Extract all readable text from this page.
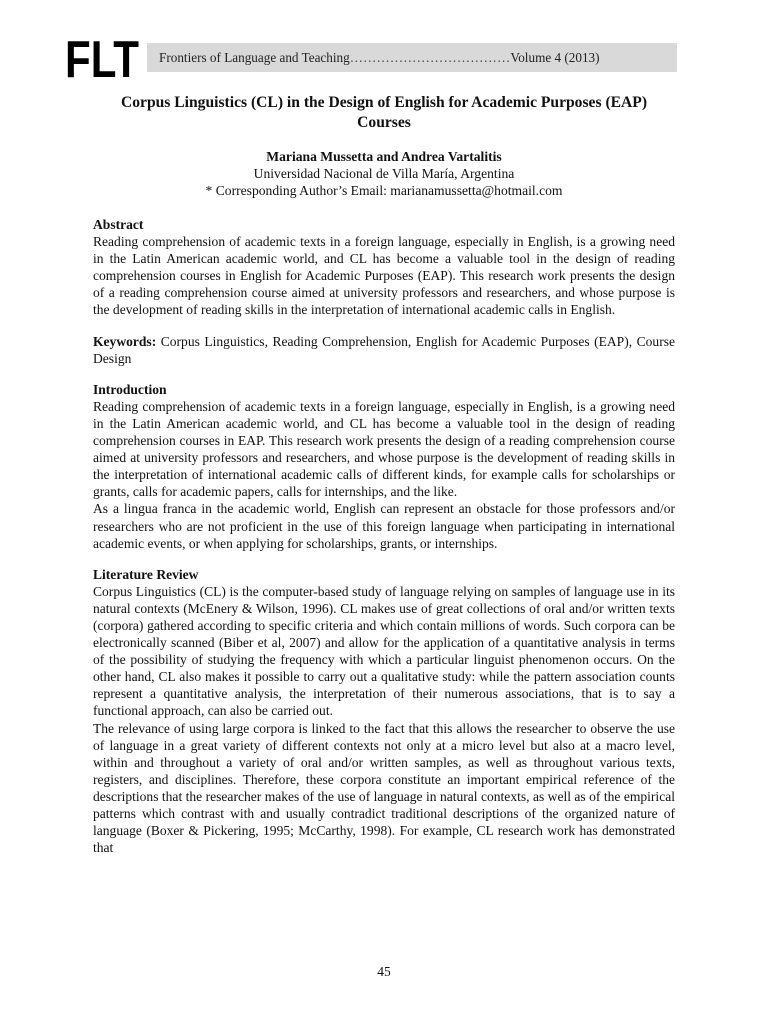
FLT Frontiers of Language and Teaching ……………………………… Volume 4 (2013)
Corpus Linguistics (CL) in the Design of English for Academic Purposes (EAP) Courses
Mariana Mussetta and Andrea Vartalitis
Universidad Nacional de Villa María, Argentina
* Corresponding Author’s Email: marianamussetta@hotmail.com
Abstract

Reading comprehension of academic texts in a foreign language, especially in English, is a growing need in the Latin American academic world, and CL has become a valuable tool in the design of reading comprehension courses in English for Academic Purposes (EAP). This research work presents the design of a reading comprehension course aimed at university professors and researchers, and whose purpose is the development of reading skills in the interpretation of international academic calls in English.

Keywords: Corpus Linguistics, Reading Comprehension, English for Academic Purposes (EAP), Course Design

Introduction

Reading comprehension of academic texts in a foreign language, especially in English, is a growing need in the Latin American academic world, and CL has become a valuable tool in the design of reading comprehension courses in EAP. This research work presents the design of a reading comprehension course aimed at university professors and researchers, and whose purpose is the development of reading skills in the interpretation of international academic calls of different kinds, for example calls for scholarships or grants, calls for academic papers, calls for internships, and the like.

As a lingua franca in the academic world, English can represent an obstacle for those professors and/or researchers who are not proficient in the use of this foreign language when participating in international academic events, or when applying for scholarships, grants, or internships.

Literature Review

Corpus Linguistics (CL) is the computer-based study of language relying on samples of language use in its natural contexts (McEnery & Wilson, 1996). CL makes use of great collections of oral and/or written texts (corpora) gathered according to specific criteria and which contain millions of words. Such corpora can be electronically scanned (Biber et al, 2007) and allow for the application of a quantitative analysis in terms of the possibility of studying the frequency with which a particular linguist phenomenon occurs. On the other hand, CL also makes it possible to carry out a qualitative study: while the pattern association counts represent a quantitative analysis, the interpretation of their numerous associations, that is to say a functional approach, can also be carried out.

The relevance of using large corpora is linked to the fact that this allows the researcher to observe the use of language in a great variety of different contexts not only at a micro level but also at a macro level, within and throughout a variety of oral and/or written samples, as well as throughout various texts, registers, and disciplines. Therefore, these corpora constitute an important empirical reference of the descriptions that the researcher makes of the use of language in natural contexts, as well as of the empirical patterns which contrast with and usually contradict traditional descriptions of the organized nature of language (Boxer & Pickering, 1995; McCarthy, 1998). For example, CL research work has demonstrated that

45
